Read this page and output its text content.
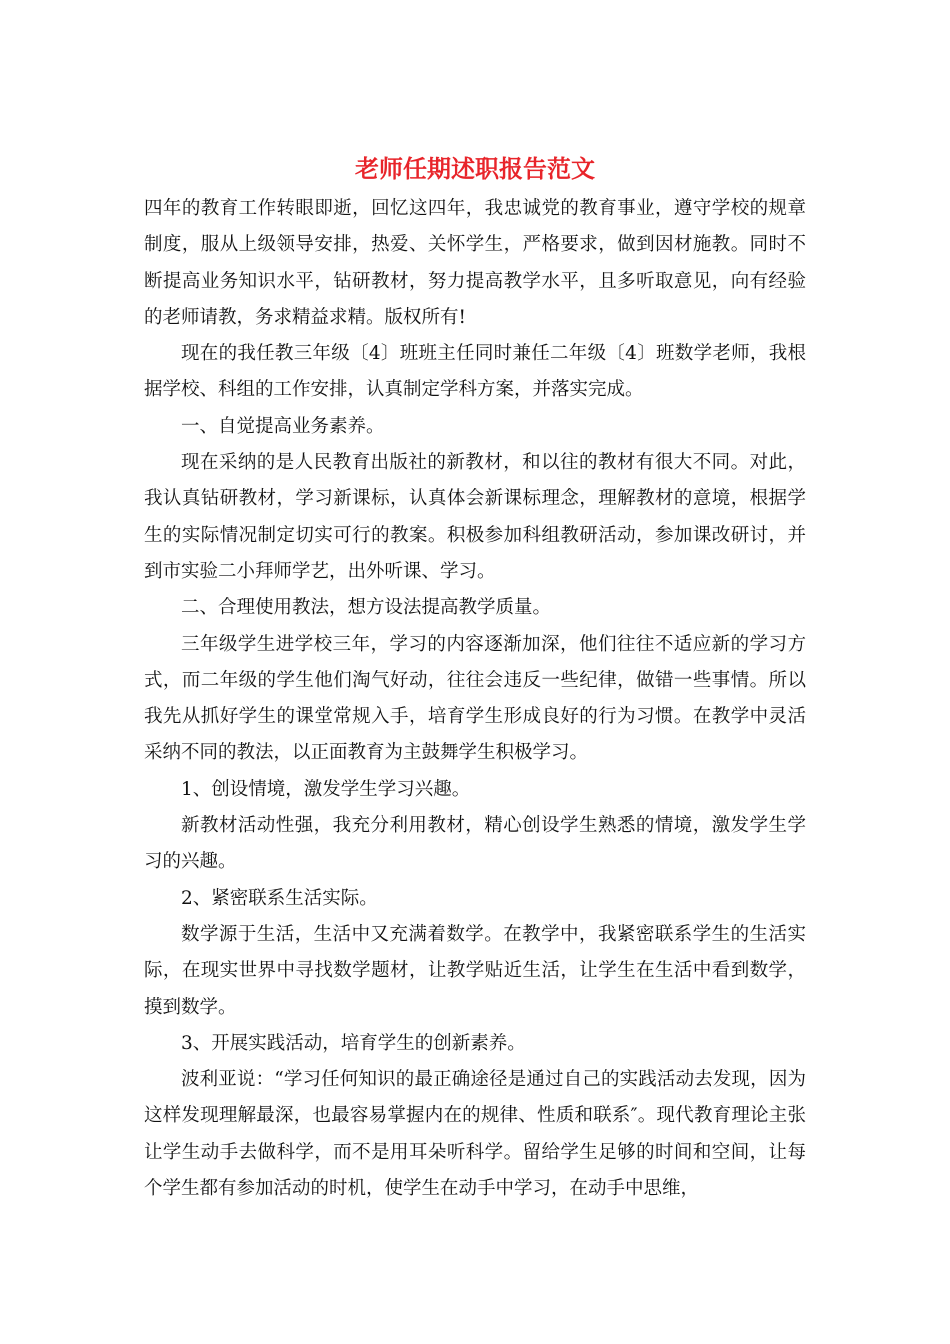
老师任期述职报告范文

四年的教育工作转眼即逝，回忆这四年，我忠诚党的教育事业，遵守学校的规章制度，服从上级领导安排，热爱、关怀学生，严格要求，做到因材施教。同时不断提高业务知识水平，钻研教材，努力提高教学水平，且多听取意见，向有经验的老师请教，务求精益求精。版权所有!

现在的我任教三年级〔4〕班班主任同时兼任二年级〔4〕班数学老师，我根据学校、科组的工作安排，认真制定学科方案，并落实完成。

一、自觉提高业务素养。

现在采纳的是人民教育出版社的新教材，和以往的教材有很大不同。对此，我认真钻研教材，学习新课标，认真体会新课标理念，理解教材的意境，根据学生的实际情况制定切实可行的教案。积极参加科组教研活动，参加课改研讨，并到市实验二小拜师学艺，出外听课、学习。

二、合理使用教法，想方设法提高教学质量。

三年级学生进学校三年，学习的内容逐渐加深，他们往往不适应新的学习方式，而二年级的学生他们淘气好动，往往会违反一些纪律，做错一些事情。所以我先从抓好学生的课堂常规入手，培育学生形成良好的行为习惯。在教学中灵活采纳不同的教法，以正面教育为主鼓舞学生积极学习。

1、创设情境，激发学生学习兴趣。

新教材活动性强，我充分利用教材，精心创设学生熟悉的情境，激发学生学习的兴趣。

2、紧密联系生活实际。

数学源于生活，生活中又充满着数学。在教学中，我紧密联系学生的生活实际，在现实世界中寻找数学题材，让教学贴近生活，让学生在生活中看到数学，摸到数学。

3、开展实践活动，培育学生的创新素养。

波利亚说：“学习任何知识的最正确途径是通过自己的实践活动去发现，因为这样发现理解最深，也最容易掌握内在的规律、性质和联系″。现代教育理论主张让学生动手去做科学，而不是用耳朵听科学。留给学生足够的时间和空间，让每个学生都有参加活动的时机，使学生在动手中学习，在动手中思维，
